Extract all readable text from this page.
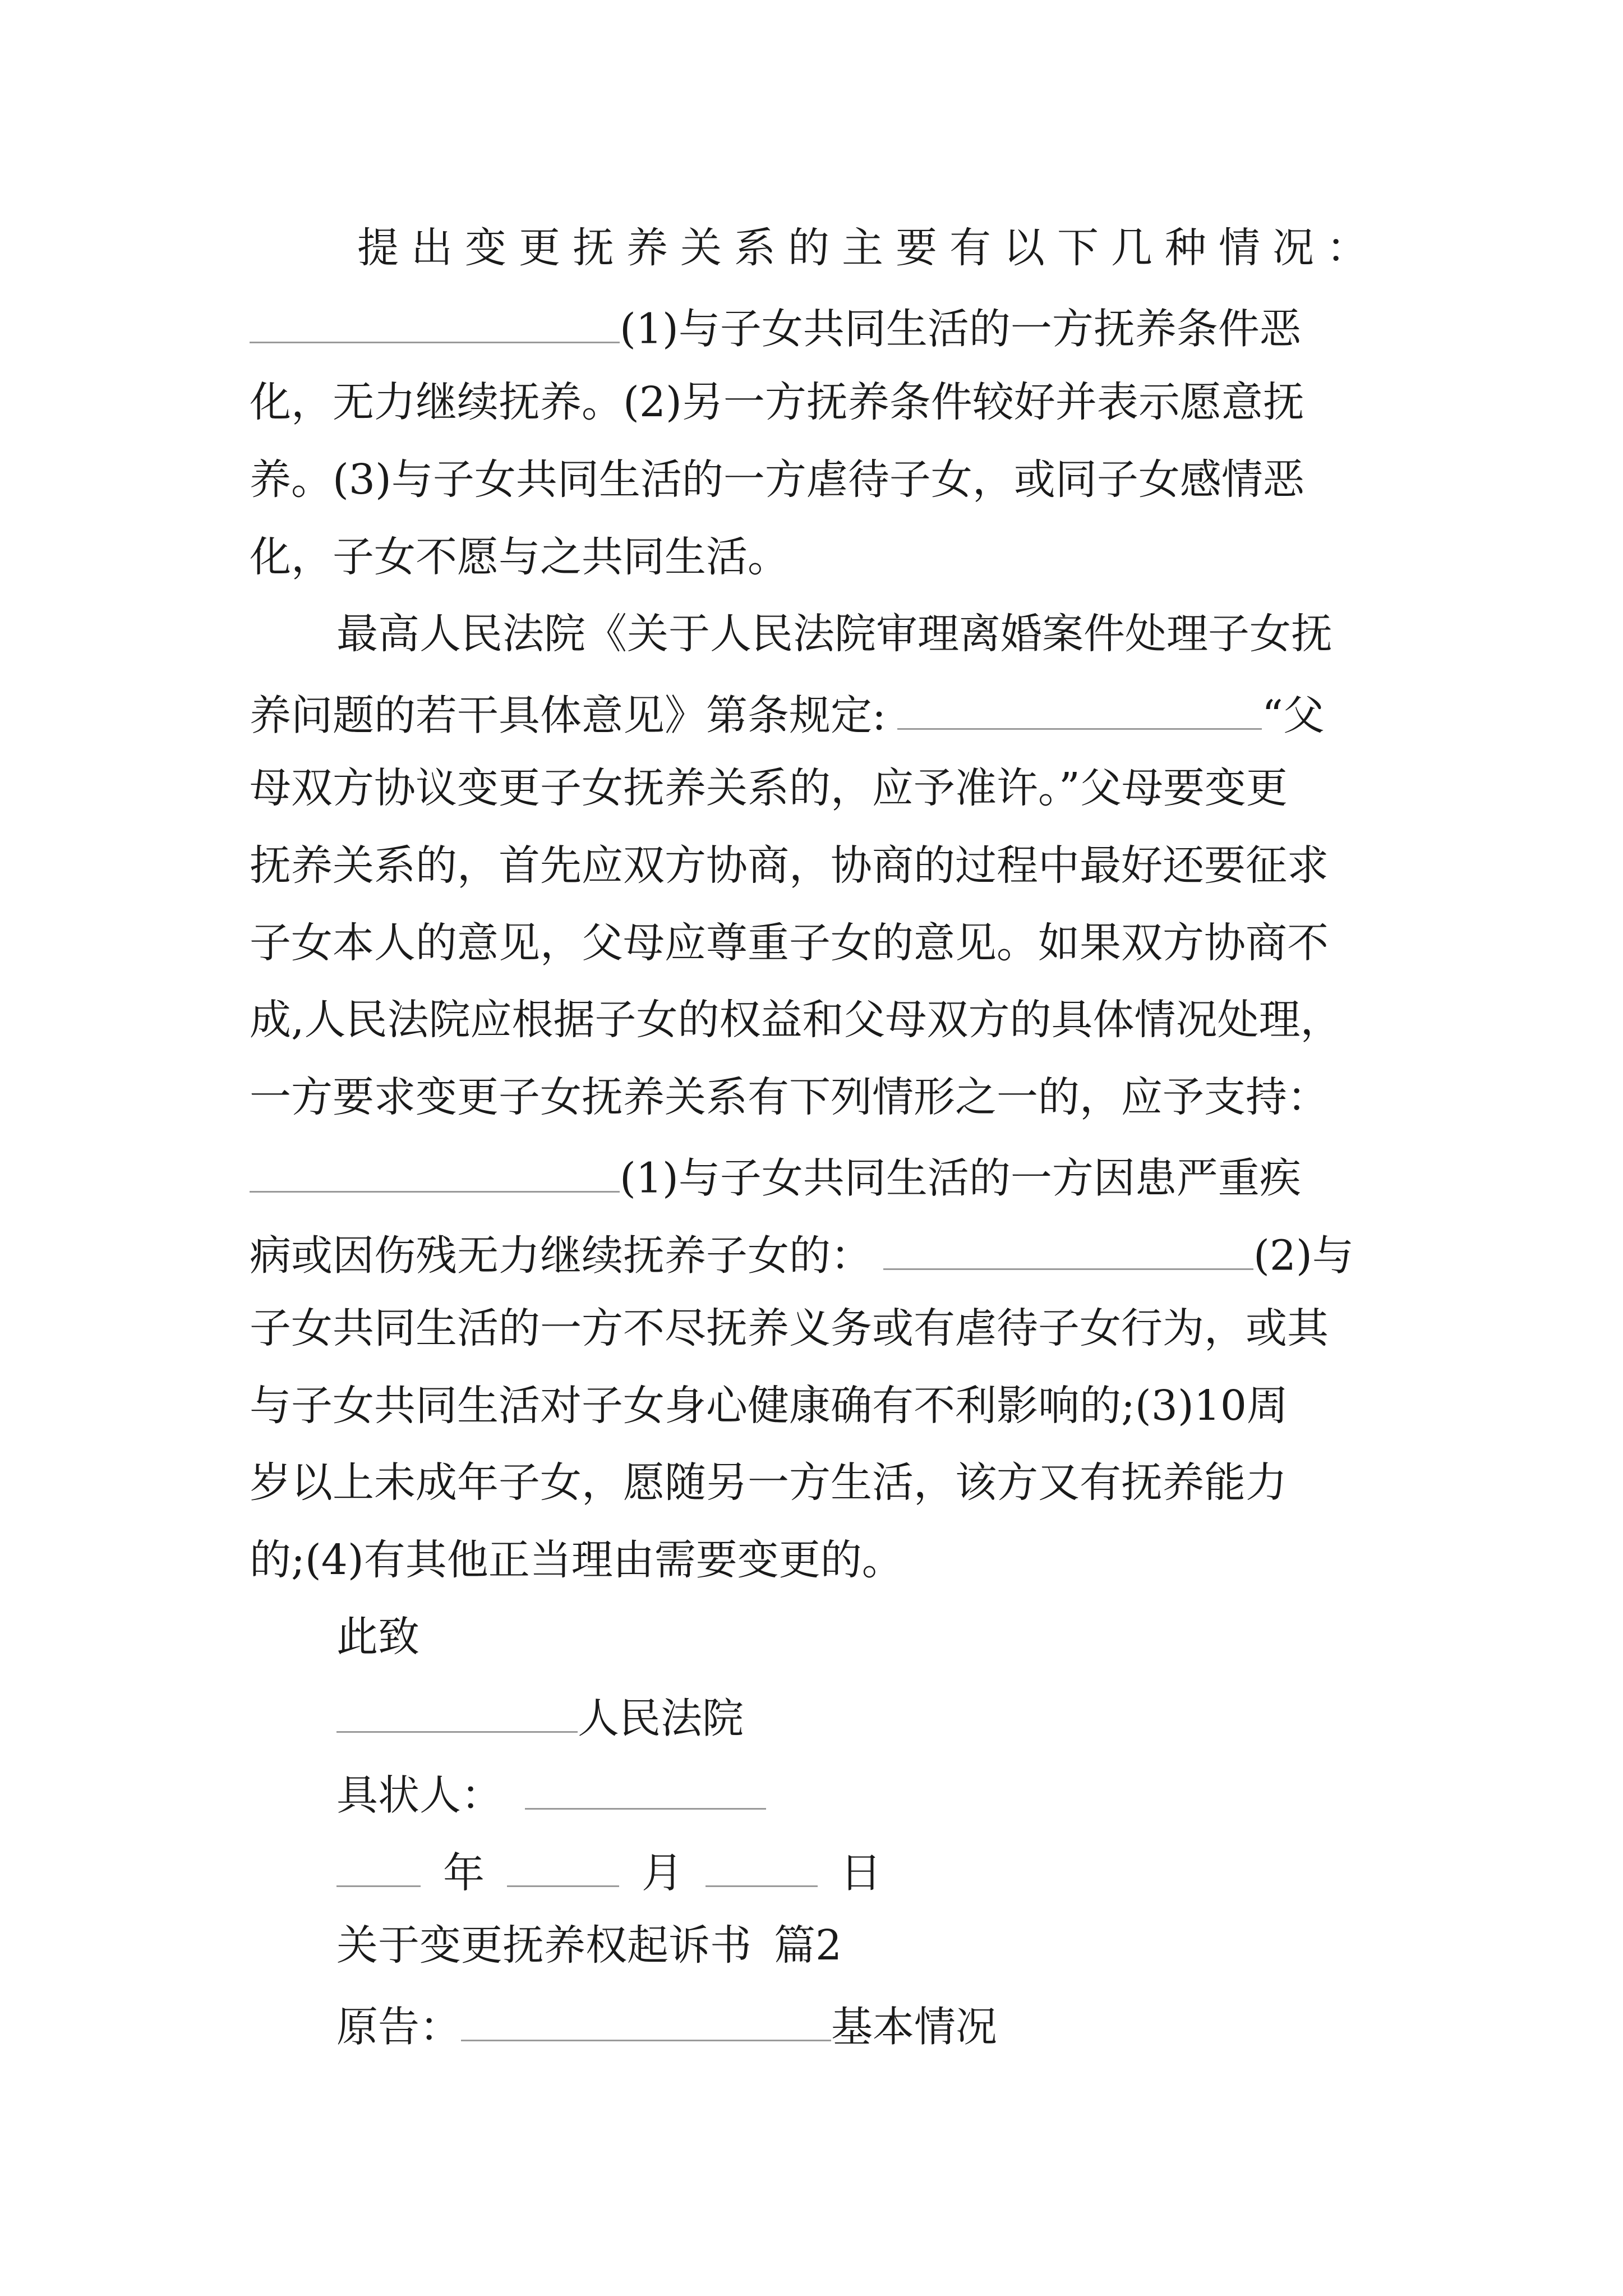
提出变更抚养关系的主要有以下几种情况：
(1)与子女共同生活的一方抚养条件恶
化，无力继续抚养。(2)另一方抚养条件较好并表示愿意抚
养。(3)与子女共同生活的一方虐待子女，或同子女感情恶
化，子女不愿与之共同生活。
最高人民法院《关于人民法院审理离婚案件处理子女抚
养问题的若干具体意见》第条规定:	“父
母双方协议变更子女抚养关系的，应予准许。”父母要变更
抚养关系的，首先应双方协商，协商的过程中最好还要征求
子女本人的意见，父母应尊重子女的意见。如果双方协商不
成,人民法院应根据子女的权益和父母双方的具体情况处理，
一方要求变更子女抚养关系有下列情形之一的，应予支持：
(1)与子女共同生活的一方因患严重疾
病或因伤残无力继续抚养子女的：	(2)与
子女共同生活的一方不尽抚养义务或有虐待子女行为，或其
与子女共同生活对子女身心健康确有不利影响的;(3)10周
岁以上未成年子女，愿随另一方生活，该方又有抚养能力
的;(4)有其他正当理由需要变更的。
此致
人民法院
具状人：
年	月	日
关于变更抚养权起诉书 篇2
原告：	基本情况
